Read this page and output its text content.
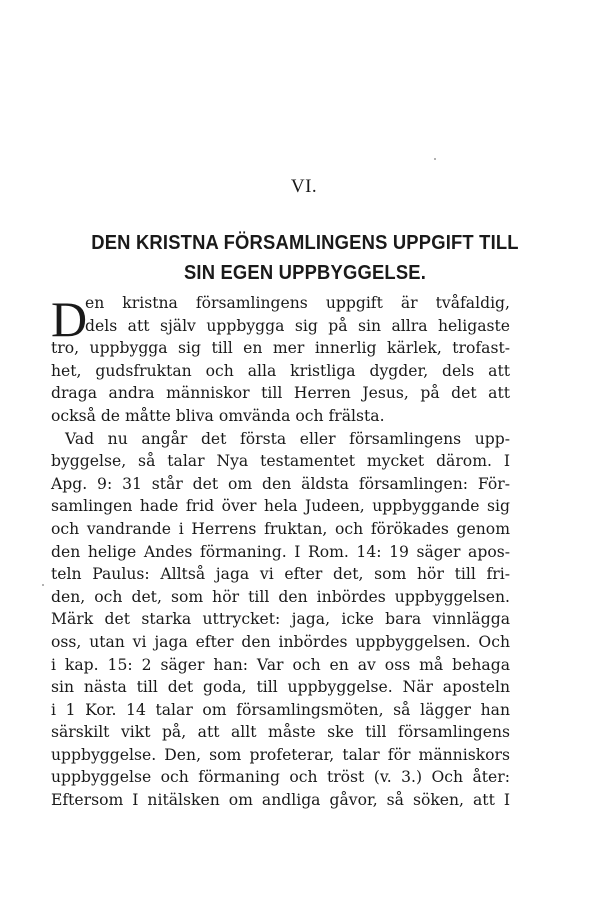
VI.
DEN KRISTNA FÖRSAMLINGENS UPPGIFT TILL
SIN EGEN UPPBYGGELSE.
D
en kristna församlingens uppgift är tvåfaldig,
dels att själv uppbygga sig på sin allra heligaste
tro, uppbygga sig till en mer innerlig kärlek, trofast-
het, gudsfruktan och alla kristliga dygder, dels att
draga andra människor till Herren Jesus, på det att
också de måtte bliva omvända och frälsta.
Vad nu angår det första eller församlingens upp-
byggelse, så talar Nya testamentet mycket därom. I
Apg. 9: 31 står det om den äldsta församlingen: För-
samlingen hade frid över hela Judeen, uppbyggande sig
och vandrande i Herrens fruktan, och förökades genom
den helige Andes förmaning. I Rom. 14: 19 säger apos-
teln Paulus: Alltså jaga vi efter det, som hör till fri-
den, och det, som hör till den inbördes uppbyggelsen.
Märk det starka uttrycket: jaga, icke bara vinnlägga
oss, utan vi jaga efter den inbördes uppbyggelsen. Och
i kap. 15: 2 säger han: Var och en av oss må behaga
sin nästa till det goda, till uppbyggelse. När aposteln
i 1 Kor. 14 talar om församlingsmöten, så lägger han
särskilt vikt på, att allt måste ske till församlingens
uppbyggelse. Den, som profeterar, talar för människors
uppbyggelse och förmaning och tröst (v. 3.) Och åter:
Eftersom I nitälsken om andliga gåvor, så söken, att I
